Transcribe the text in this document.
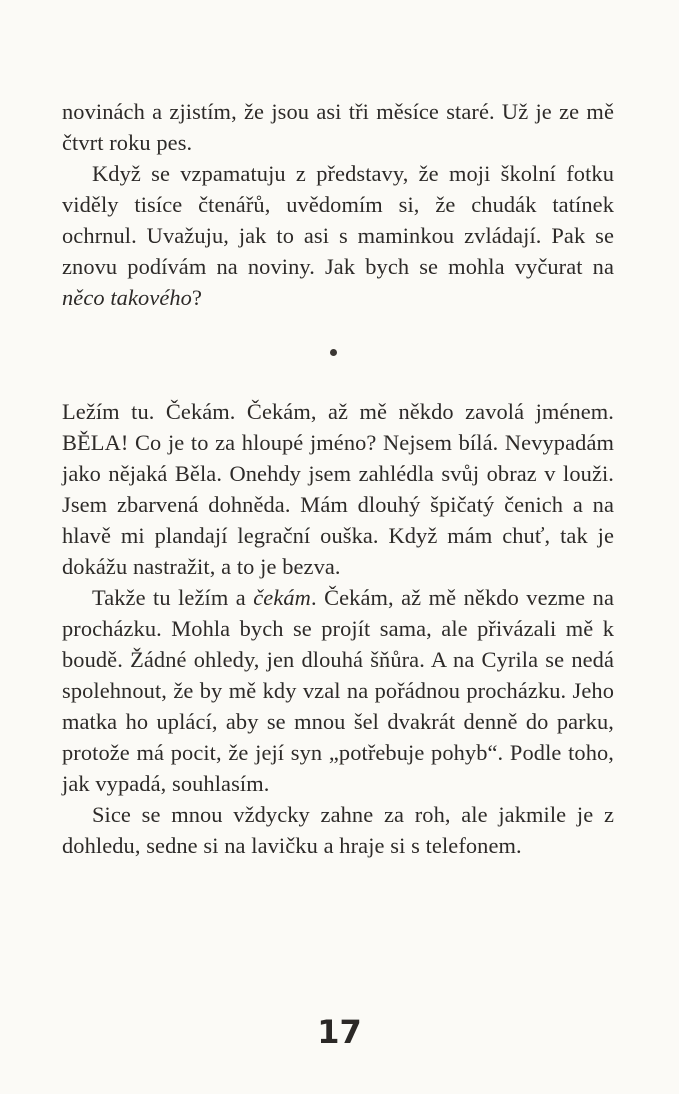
novinách a zjistím, že jsou asi tři měsíce staré. Už je ze mě čtvrt roku pes.

Když se vzpamatuju z představy, že moji školní fotku viděly tisíce čtenářů, uvědomím si, že chudák tatínek ochrnul. Uvažuju, jak to asi s maminkou zvládají. Pak se znovu podívám na noviny. Jak bych se mohla vyčurat na něco takového?

Ležím tu. Čekám. Čekám, až mě někdo zavolá jménem. BĚLA! Co je to za hloupé jméno? Nejsem bílá. Nevypadám jako nějaká Běla. Onehdy jsem zahlédla svůj obraz v louži. Jsem zbarvená dohněda. Mám dlouhý špičatý čenich a na hlavě mi plandají legrační ouška. Když mám chuť, tak je dokážu nastražit, a to je bezva.

Takže tu ležím a čekám. Čekám, až mě někdo vezme na procházku. Mohla bych se projít sama, ale přivázali mě k boudě. Žádné ohledy, jen dlouhá šňůra. A na Cyrila se nedá spolehnout, že by mě kdy vzal na pořádnou procházku. Jeho matka ho uplácí, aby se mnou šel dvakrát denně do parku, protože má pocit, že její syn „potřebuje pohyb“. Podle toho, jak vypadá, souhlasím.

Sice se mnou vždycky zahne za roh, ale jakmile je z dohledu, sedne si na lavičku a hraje si s telefonem.

17
